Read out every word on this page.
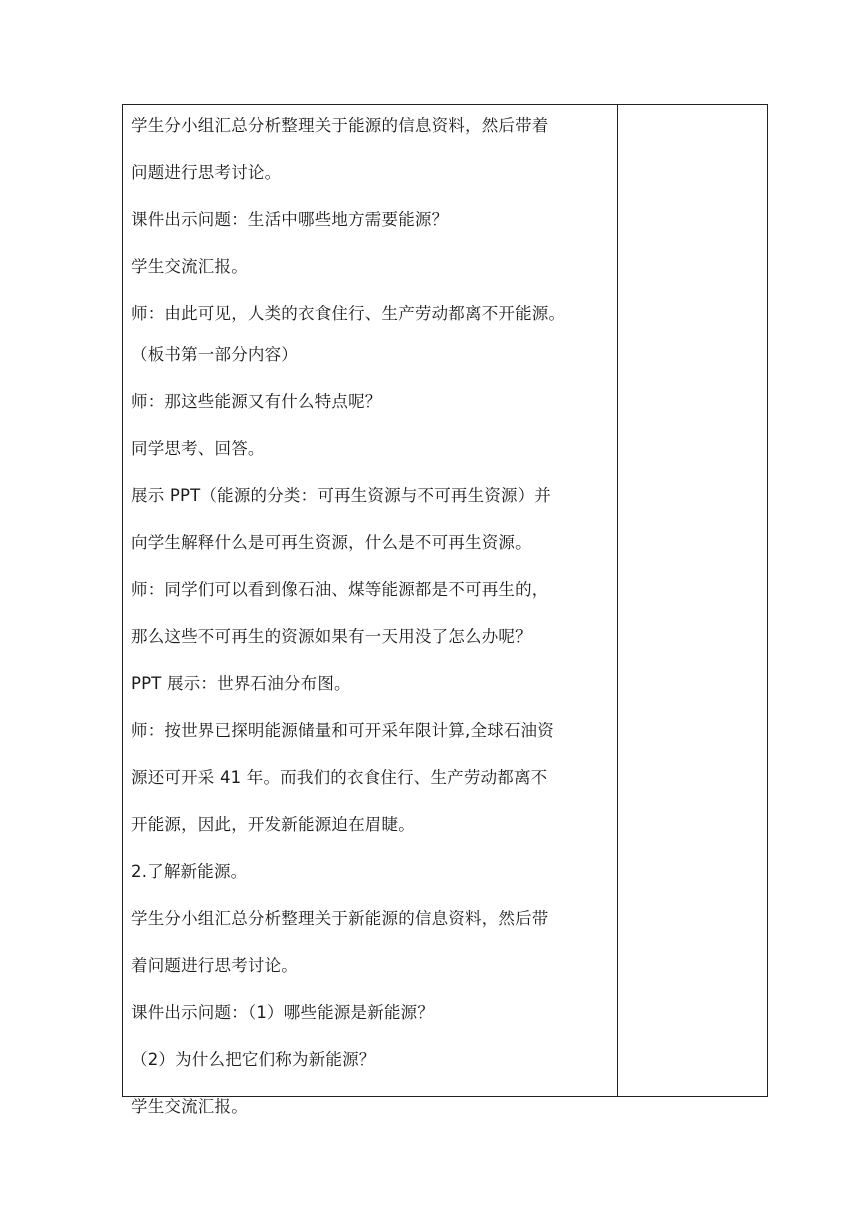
学生分小组汇总分析整理关于能源的信息资料，然后带着

问题进行思考讨论。

课件出示问题：生活中哪些地方需要能源？

学生交流汇报。

师：由此可见，人类的衣食住行、生产劳动都离不开能源。

（板书第一部分内容）

师：那这些能源又有什么特点呢？

同学思考、回答。

展示 PPT（能源的分类：可再生资源与不可再生资源）并

向学生解释什么是可再生资源，什么是不可再生资源。

师：同学们可以看到像石油、煤等能源都是不可再生的，

那么这些不可再生的资源如果有一天用没了怎么办呢？

PPT 展示：世界石油分布图。

师：按世界已探明能源储量和可开采年限计算,全球石油资

源还可开采 41 年。而我们的衣食住行、生产劳动都离不

开能源，因此，开发新能源迫在眉睫。

2.了解新能源。

学生分小组汇总分析整理关于新能源的信息资料，然后带

着问题进行思考讨论。

课件出示问题：（1）哪些能源是新能源？

（2）为什么把它们称为新能源？

学生交流汇报。
